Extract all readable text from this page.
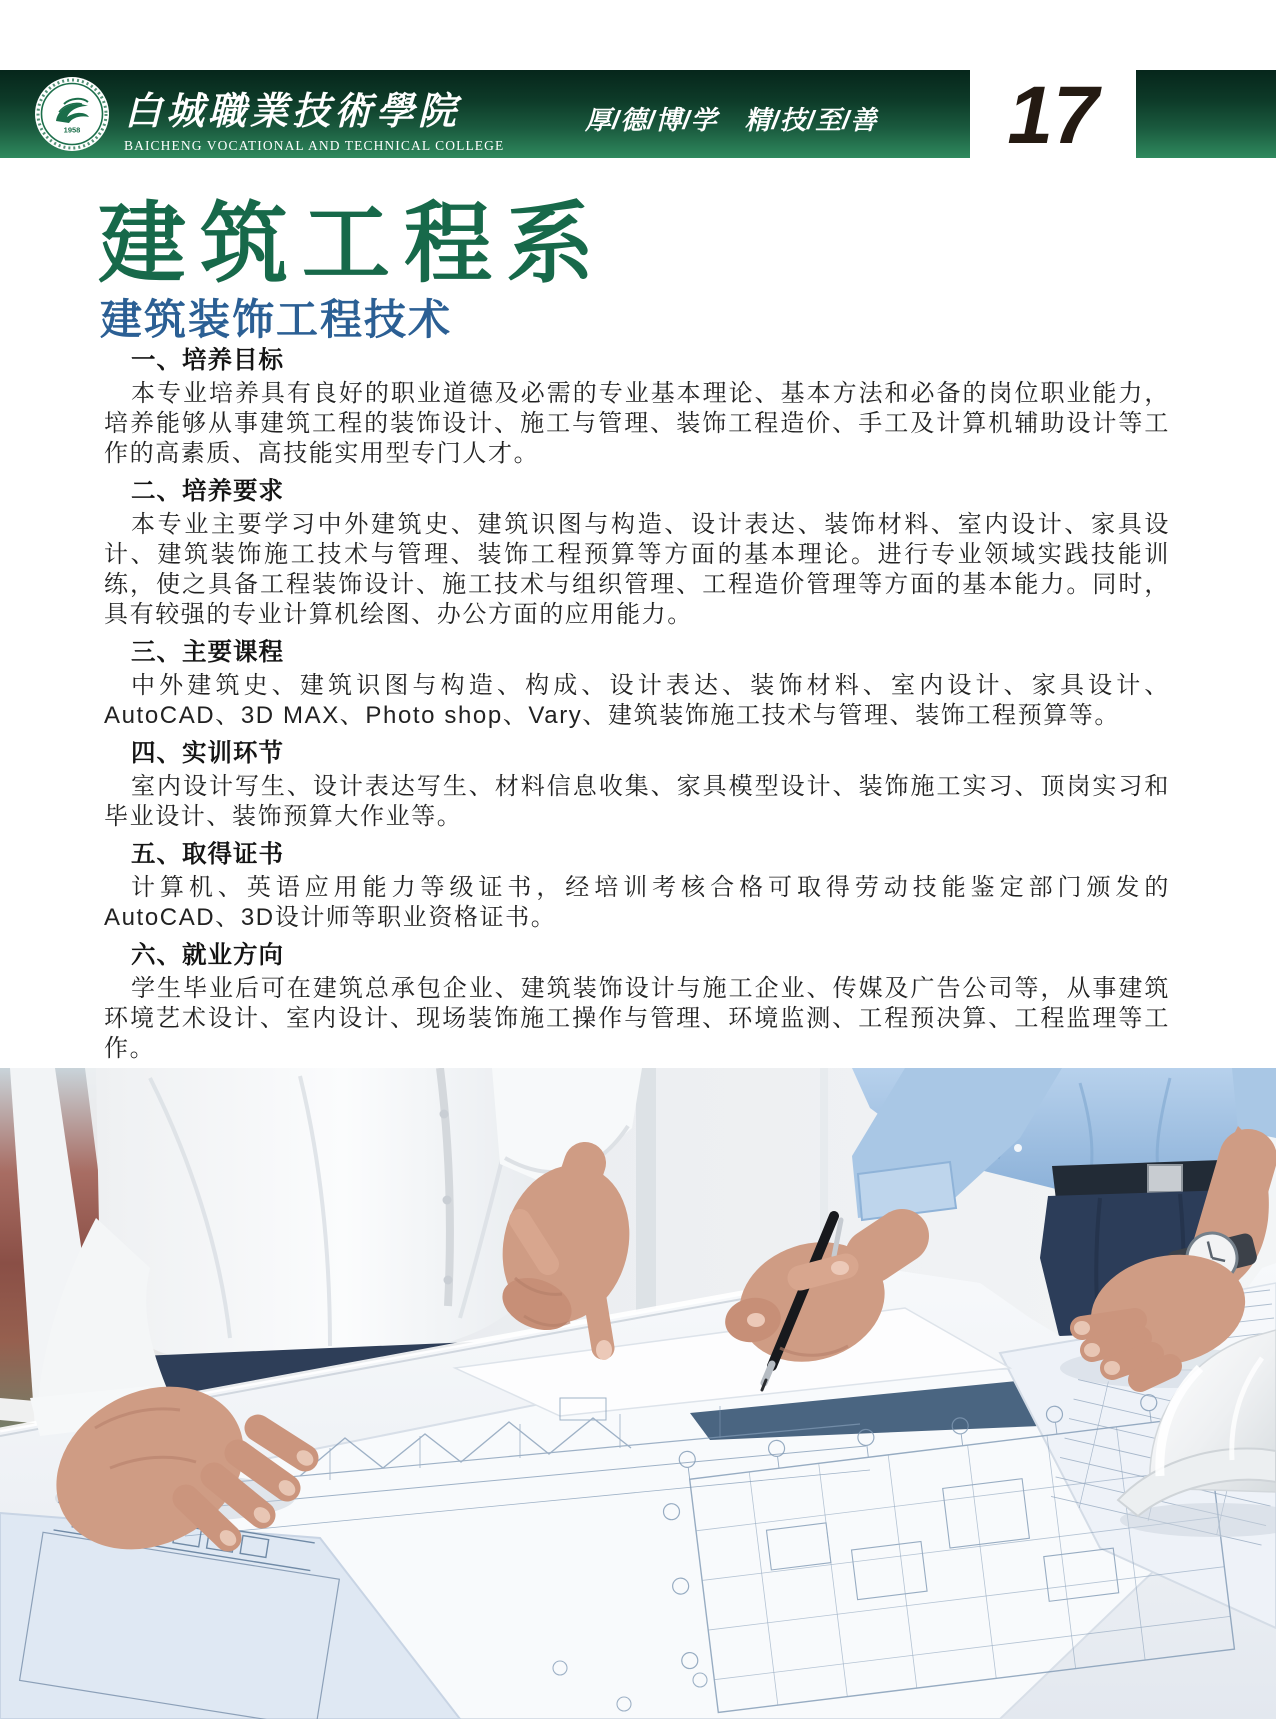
1958 白城職業技術學院
BAICHENG VOCATIONAL AND TECHNICAL COLLEGE
厚/德/博/学　精/技/至/善	17
建筑工程系
建筑装饰工程技术
一、培养目标

本专业培养具有良好的职业道德及必需的专业基本理论、基本方法和必备的岗位职业能力，培养能够从事建筑工程的装饰设计、施工与管理、装饰工程造价、手工及计算机辅助设计等工作的高素质、高技能实用型专门人才。

二、培养要求

本专业主要学习中外建筑史、建筑识图与构造、设计表达、装饰材料、室内设计、家具设计、建筑装饰施工技术与管理、装饰工程预算等方面的基本理论。进行专业领域实践技能训练，使之具备工程装饰设计、施工技术与组织管理、工程造价管理等方面的基本能力。同时，具有较强的专业计算机绘图、办公方面的应用能力。

三、主要课程

中外建筑史、建筑识图与构造、构成、设计表达、装饰材料、室内设计、家具设计、AutoCAD、3D MAX、Photo shop、Vary、建筑装饰施工技术与管理、装饰工程预算等。

四、实训环节

室内设计写生、设计表达写生、材料信息收集、家具模型设计、装饰施工实习、顶岗实习和毕业设计、装饰预算大作业等。

五、取得证书

计算机、英语应用能力等级证书，经培训考核合格可取得劳动技能鉴定部门颁发的AutoCAD、3D设计师等职业资格证书。

六、就业方向

学生毕业后可在建筑总承包企业、建筑装饰设计与施工企业、传媒及广告公司等，从事建筑环境艺术设计、室内设计、现场装饰施工操作与管理、环境监测、工程预决算、工程监理等工作。
